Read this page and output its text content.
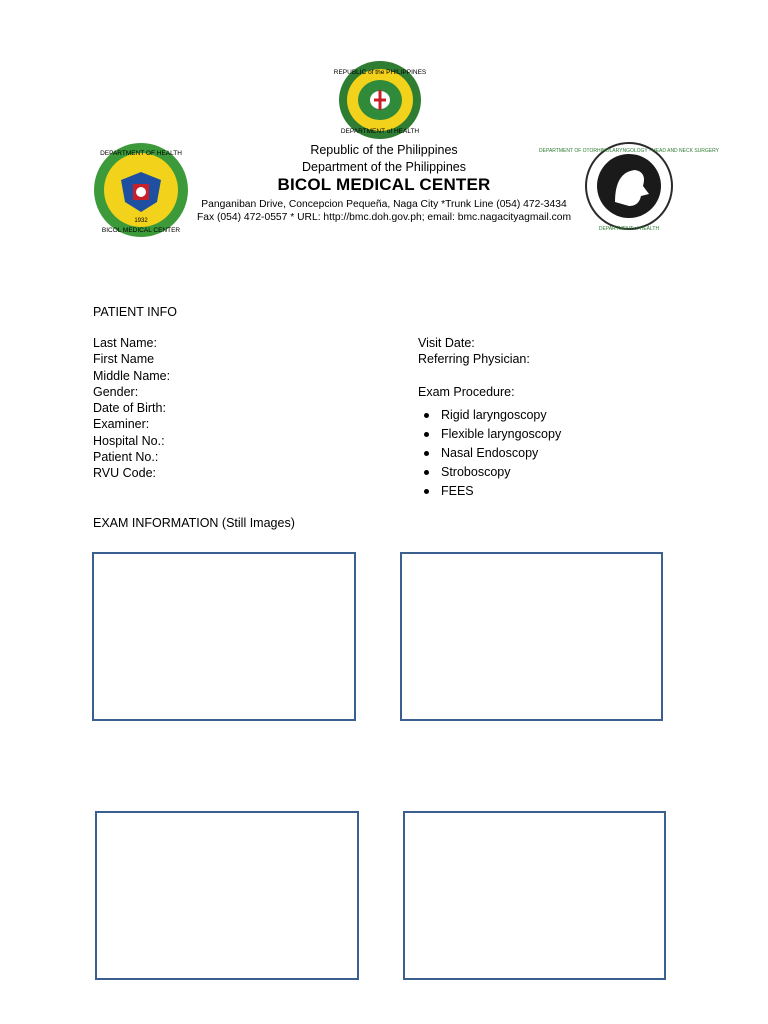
REPUBLIC of the PHILIPPINES
DEPARTMENT of HEALTH
DEPARTMENT OF HEALTH
BICOL MEDICAL CENTER
1932
DEPARTMENT OF OTORHINOLARYNGOLOGY - HEAD AND NECK SURGERY
DEPARTMENT of HEALTH
Republic of the Philippines
Department of the Philippines
BICOL MEDICAL CENTER
Panganiban Drive, Concepcion Pequeña, Naga City *Trunk Line (054) 472-3434
Fax (054) 472-0557 * URL: http://bmc.doh.gov.ph; email: bmc.nagacityagmail.com
PATIENT INFO
Last Name:
First Name
Middle Name:
Gender:
Date of Birth:
Examiner:
Hospital No.:
Patient No.:
RVU Code:
Visit Date:
Referring Physician:
Exam Procedure:
Rigid laryngoscopy
Flexible laryngoscopy
Nasal Endoscopy
Stroboscopy
FEES
EXAM INFORMATION (Still Images)
